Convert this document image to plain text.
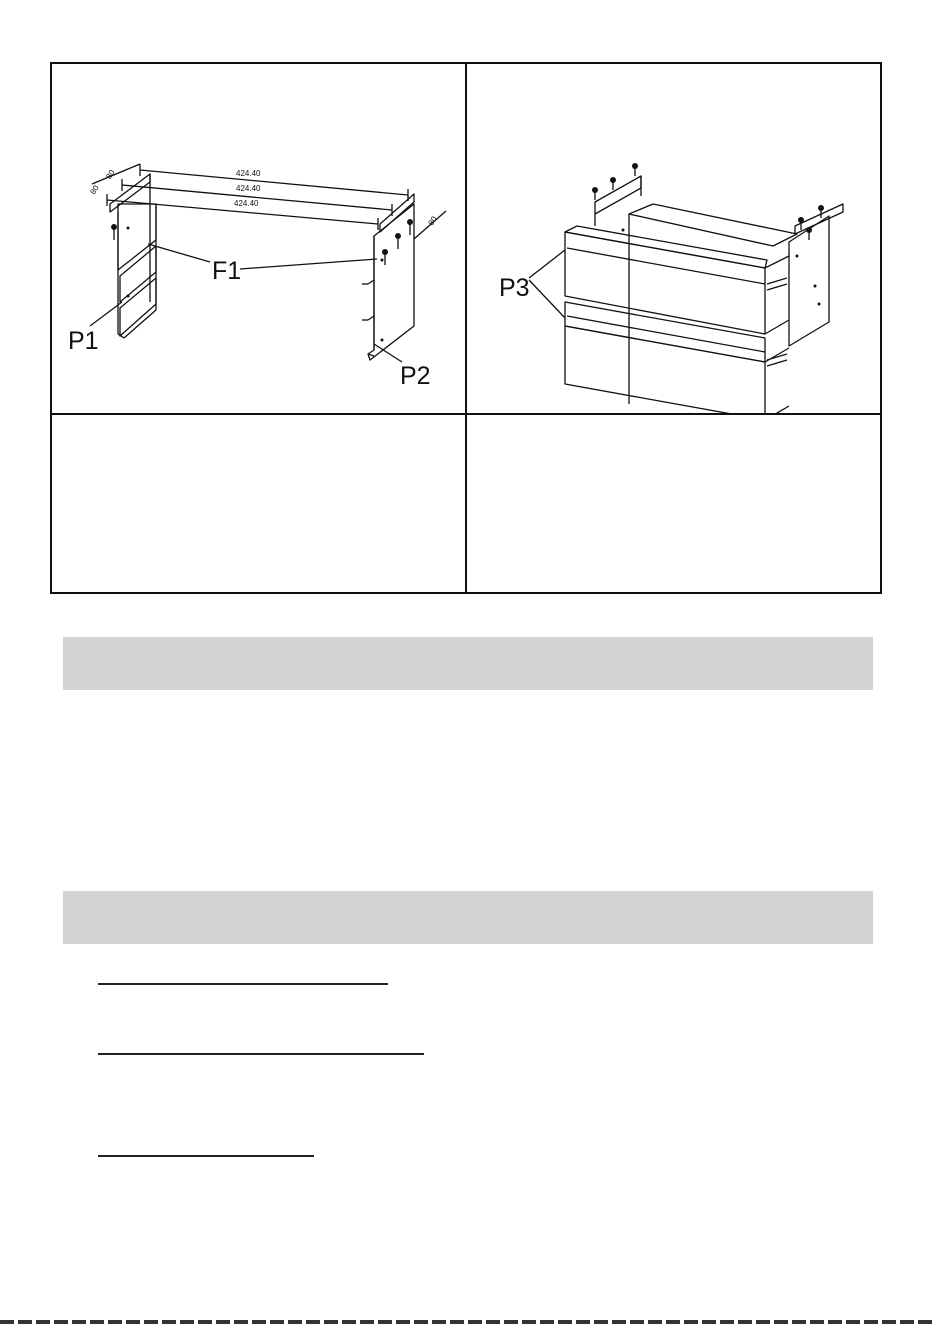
424.40
424.40
424.40
80
80
80
F1
P1
P2
P3
